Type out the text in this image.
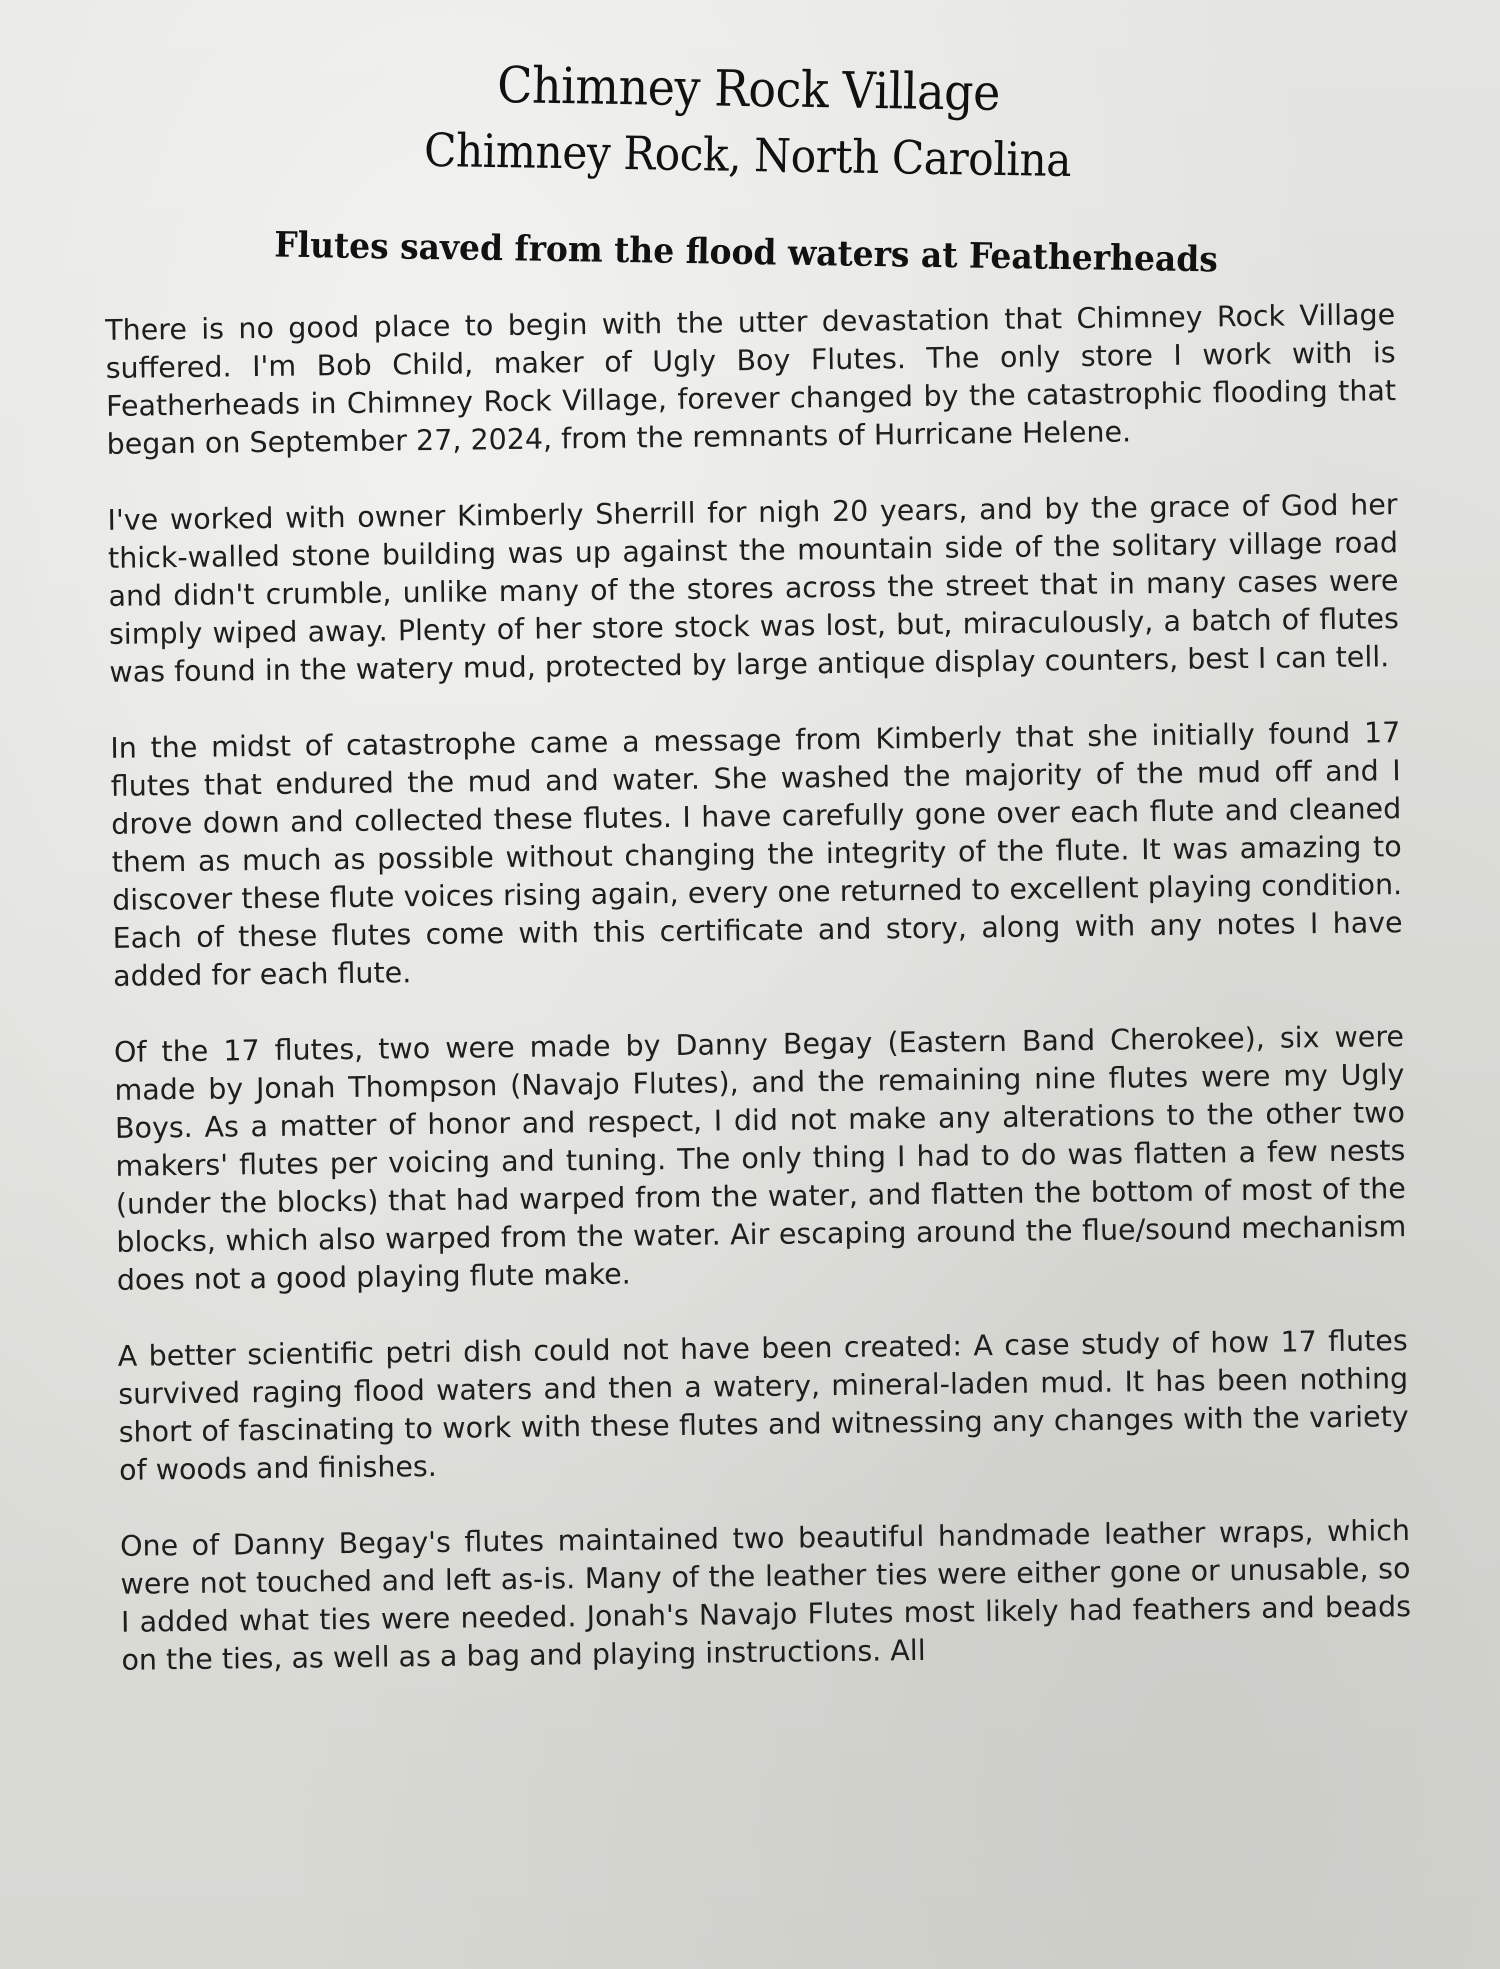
Chimney Rock Village
Chimney Rock, North Carolina
Flutes saved from the flood waters at Featherheads

There is no good place to begin with the utter devastation that Chimney Rock Village suffered. I'm Bob Child, maker of Ugly Boy Flutes. The only store I work with is Featherheads in Chimney Rock Village, forever changed by the catastrophic flooding that began on September 27, 2024, from the remnants of Hurricane Helene.

I've worked with owner Kimberly Sherrill for nigh 20 years, and by the grace of God her thick-walled stone building was up against the mountain side of the solitary village road and didn't crumble, unlike many of the stores across the street that in many cases were simply wiped away. Plenty of her store stock was lost, but, miraculously, a batch of flutes was found in the watery mud, protected by large antique display counters, best I can tell.

In the midst of catastrophe came a message from Kimberly that she initially found 17 flutes that endured the mud and water. She washed the majority of the mud off and I drove down and collected these flutes. I have carefully gone over each flute and cleaned them as much as possible without changing the integrity of the flute. It was amazing to discover these flute voices rising again, every one returned to excellent playing condition. Each of these flutes come with this certificate and story, along with any notes I have added for each flute.

Of the 17 flutes, two were made by Danny Begay (Eastern Band Cherokee), six were made by Jonah Thompson (Navajo Flutes), and the remaining nine flutes were my Ugly Boys. As a matter of honor and respect, I did not make any alterations to the other two makers' flutes per voicing and tuning. The only thing I had to do was flatten a few nests (under the blocks) that had warped from the water, and flatten the bottom of most of the blocks, which also warped from the water. Air escaping around the flue/sound mechanism does not a good playing flute make.

A better scientific petri dish could not have been created: A case study of how 17 flutes survived raging flood waters and then a watery, mineral-laden mud. It has been nothing short of fascinating to work with these flutes and witnessing any changes with the variety of woods and finishes.

One of Danny Begay's flutes maintained two beautiful handmade leather wraps, which were not touched and left as-is. Many of the leather ties were either gone or unusable, so I added what ties were needed. Jonah's Navajo Flutes most likely had feathers and beads on the ties, as well as a bag and playing instructions. All
